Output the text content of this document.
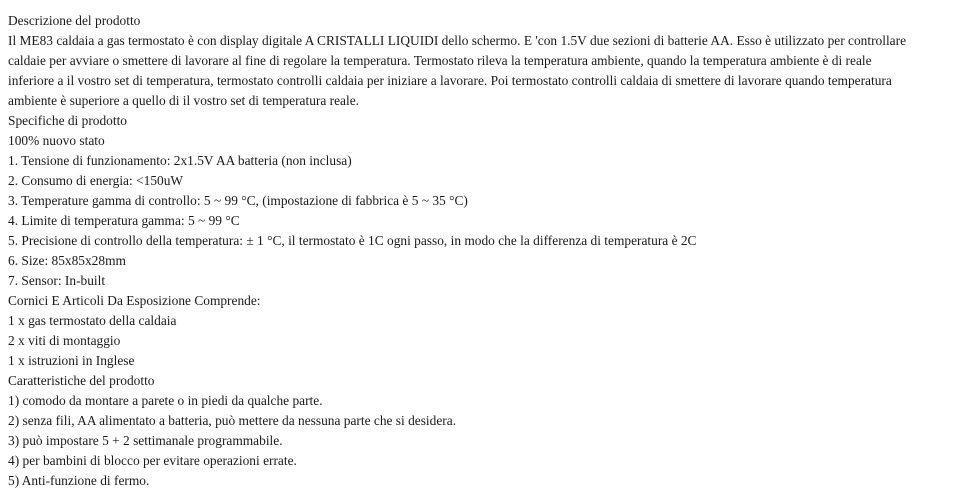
Descrizione del prodotto
Il ME83 caldaia a gas termostato è con display digitale A CRISTALLI LIQUIDI dello schermo. E 'con 1.5V due sezioni di batterie AA. Esso è utilizzato per controllare
caldaie per avviare o smettere di lavorare al fine di regolare la temperatura. Termostato rileva la temperatura ambiente, quando la temperatura ambiente è di reale
inferiore a il vostro set di temperatura, termostato controlli caldaia per iniziare a lavorare. Poi termostato controlli caldaia di smettere di lavorare quando temperatura
ambiente è superiore a quello di il vostro set di temperatura reale.
Specifiche di prodotto
100% nuovo stato
1. Tensione di funzionamento: 2x1.5V AA batteria (non inclusa)
2. Consumo di energia: <150uW
3. Temperature gamma di controllo: 5 ~ 99 °C, (impostazione di fabbrica è 5 ~ 35 °C)
4. Limite di temperatura gamma: 5 ~ 99 °C
5. Precisione di controllo della temperatura: ± 1 °C, il termostato è 1C ogni passo, in modo che la differenza di temperatura è 2C
6. Size: 85x85x28mm
7. Sensor: In-built
Cornici E Articoli Da Esposizione Comprende:
1 x gas termostato della caldaia
2 x viti di montaggio
1 x istruzioni in Inglese
Caratteristiche del prodotto
1) comodo da montare a parete o in piedi da qualche parte.
2) senza fili, AA alimentato a batteria, può mettere da nessuna parte che si desidera.
3) può impostare 5 + 2 settimanale programmabile.
4) per bambini di blocco per evitare operazioni errate.
5) Anti-funzione di fermo.
